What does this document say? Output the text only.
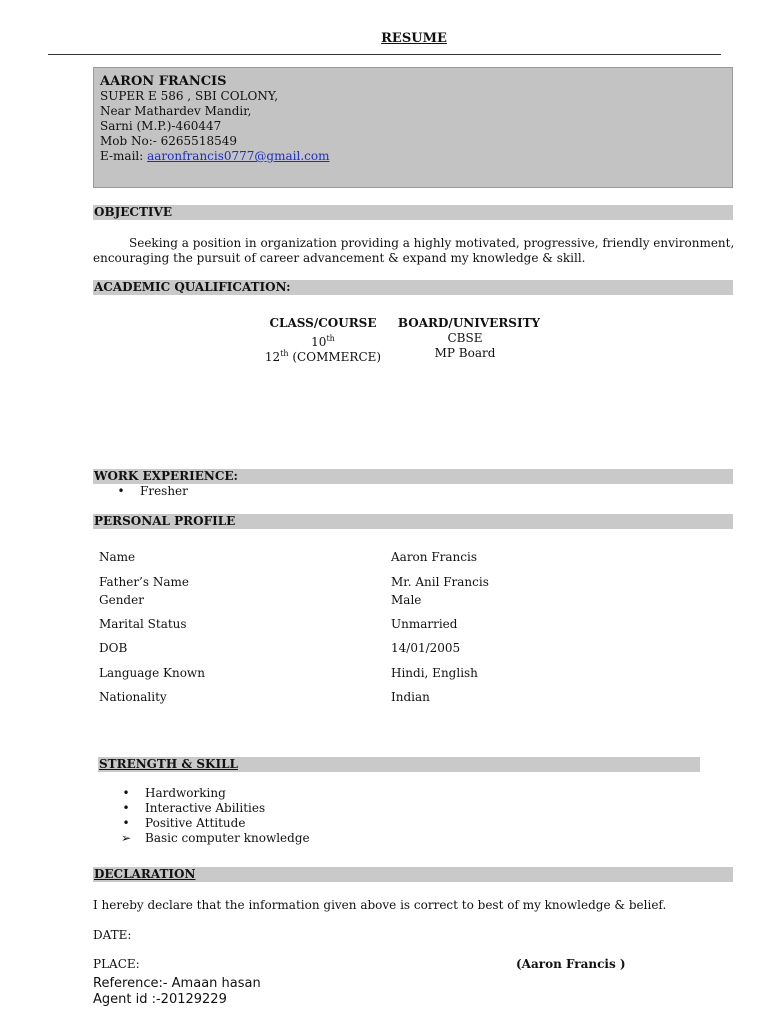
RESUME
AARON FRANCIS
SUPER E 586 , SBI COLONY,
Near Mathardev Mandir,
Sarni (M.P.)-460447
Mob No:- 6265518549
E-mail: aaronfrancis0777@gmail.com
OBJECTIVE
Seeking a position in organization providing a highly motivated, progressive, friendly environment,
encouraging the pursuit of career advancement & expand my knowledge & skill.
ACADEMIC QUALIFICATION:
CLASS/COURSE	BOARD/UNIVERSITY
10th	CBSE
12th (COMMERCE)	MP Board
WORK EXPERIENCE:
•	Fresher
PERSONAL PROFILE
Name	Aaron Francis
Father’s Name	Mr. Anil Francis
Gender	Male
Marital Status	Unmarried
DOB	14/01/2005
Language Known	Hindi, English
Nationality	Indian
STRENGTH & SKILL
•	Hardworking
•	Interactive Abilities
•	Positive Attitude
➢	Basic computer knowledge
DECLARATION
I hereby declare that the information given above is correct to best of my knowledge & belief.
DATE:
PLACE:	(Aaron Francis )
Reference:- Amaan hasan
Agent id :-20129229
